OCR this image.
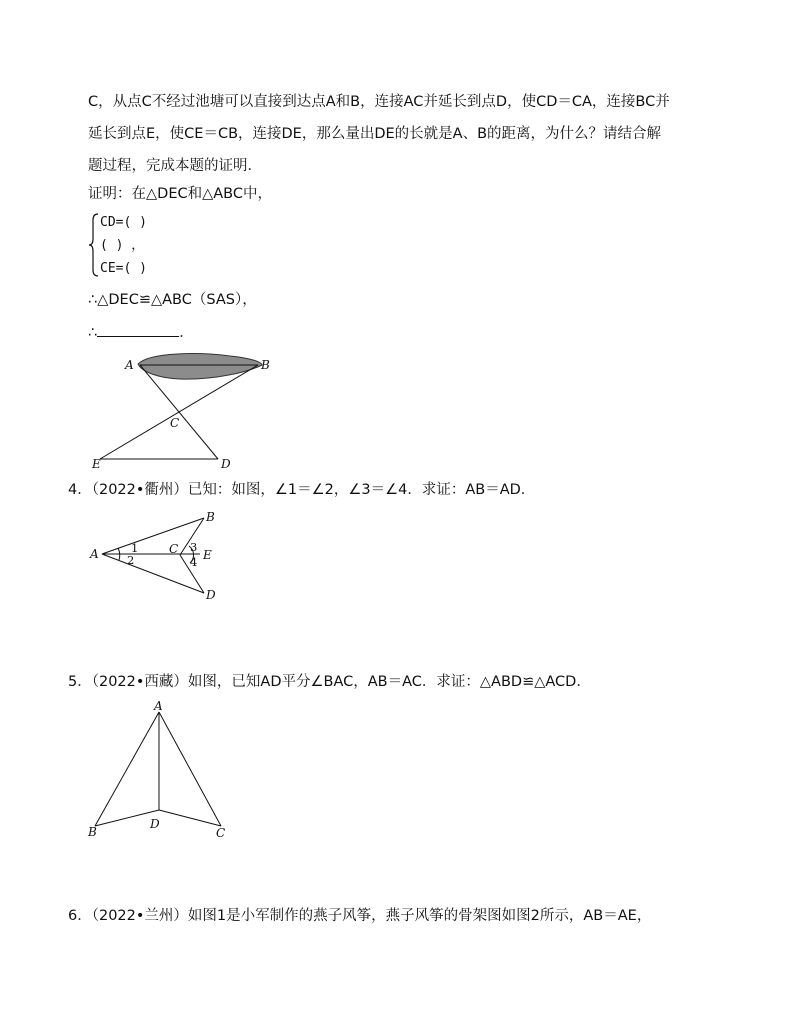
C，从点C不经过池塘可以直接到达点A和B，连接AC并延长到点D，使CD＝CA，连接BC并
延长到点E，使CE＝CB，连接DE，那么量出DE的长就是A、B的距离，为什么？请结合解
题过程，完成本题的证明．
证明：在△DEC和△ABC中，
CD=( )
( ) ，
CE=( )
∴△DEC≌△ABC（SAS），
∴	．
A	B
C
E	D
4．（2022•衢州）已知：如图，∠1＝∠2，∠3＝∠4．求证：AB＝AD．
A
B
C E
D
1
2
3
4
5．（2022•西藏）如图，已知AD平分∠BAC，AB＝AC．求证：△ABD≌△ACD．
A
B
D
C
6．（2022•兰州）如图1是小军制作的燕子风筝，燕子风筝的骨架图如图2所示，AB＝AE，
